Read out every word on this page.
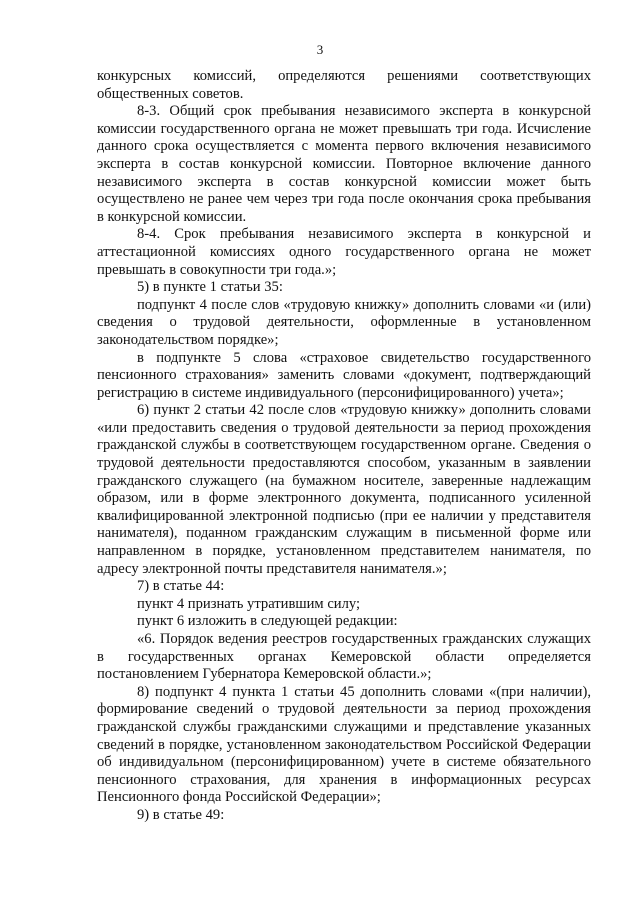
3

конкурсных комиссий, определяются решениями соответствующих общественных советов.

8-3. Общий срок пребывания независимого эксперта в конкурсной комиссии государственного органа не может превышать три года. Исчисление данного срока осуществляется с момента первого включения независимого эксперта в состав конкурсной комиссии. Повторное включение данного независимого эксперта в состав конкурсной комиссии может быть осуществлено не ранее чем через три года после окончания срока пребывания в конкурсной комиссии.

8-4. Срок пребывания независимого эксперта в конкурсной и аттестационной комиссиях одного государственного органа не может превышать в совокупности три года.»;

5) в пункте 1 статьи 35:

подпункт 4 после слов «трудовую книжку» дополнить словами «и (или) сведения о трудовой деятельности, оформленные в установленном законодательством порядке»;

в подпункте 5 слова «страховое свидетельство государственного пенсионного страхования» заменить словами «документ, подтверждающий регистрацию в системе индивидуального (персонифицированного) учета»;

6) пункт 2 статьи 42 после слов «трудовую книжку» дополнить словами «или предоставить сведения о трудовой деятельности за период прохождения гражданской службы в соответствующем государственном органе. Сведения о трудовой деятельности предоставляются способом, указанным в заявлении гражданского служащего (на бумажном носителе, заверенные надлежащим образом, или в форме электронного документа, подписанного усиленной квалифицированной электронной подписью (при ее наличии у представителя нанимателя), поданном гражданским служащим в письменной форме или направленном в порядке, установленном представителем нанимателя, по адресу электронной почты представителя нанимателя.»;

7) в статье 44:

пункт 4 признать утратившим силу;

пункт 6 изложить в следующей редакции:

«6. Порядок ведения реестров государственных гражданских служащих в государственных органах Кемеровской области определяется постановлением Губернатора Кемеровской области.»;

8) подпункт 4 пункта 1 статьи 45 дополнить словами «(при наличии), формирование сведений о трудовой деятельности за период прохождения гражданской службы гражданскими служащими и представление указанных сведений в порядке, установленном законодательством Российской Федерации об индивидуальном (персонифицированном) учете в системе обязательного пенсионного страхования, для хранения в информационных ресурсах Пенсионного фонда Российской Федерации»;

9) в статье 49:
